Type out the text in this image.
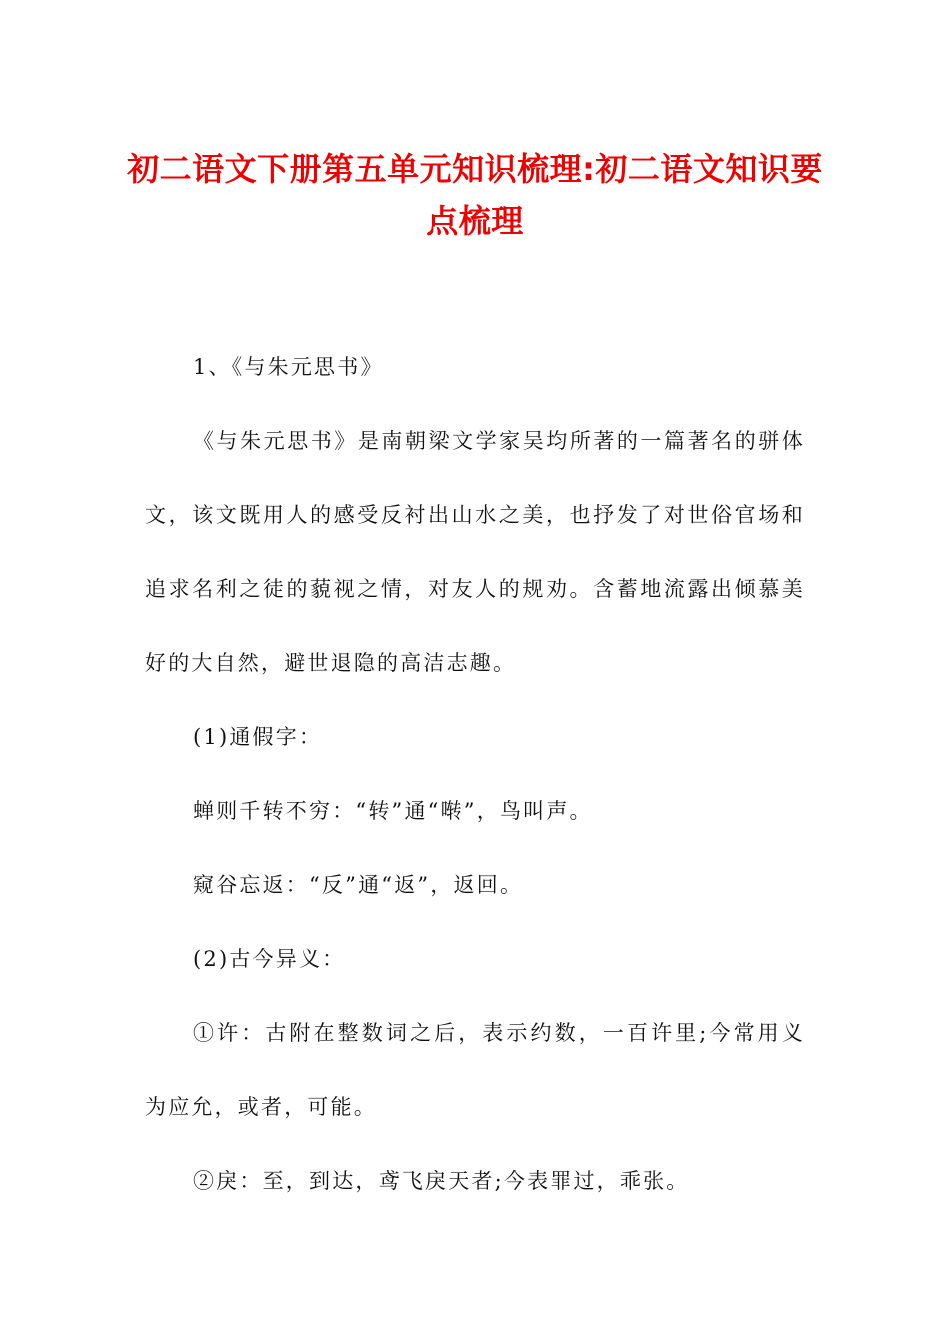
初二语文下册第五单元知识梳理:初二语文知识要点梳理

1、《与朱元思书》

《与朱元思书》是南朝梁文学家吴均所著的一篇著名的骈体文，该文既用人的感受反衬出山水之美，也抒发了对世俗官场和追求名利之徒的藐视之情，对友人的规劝。含蓄地流露出倾慕美好的大自然，避世退隐的高洁志趣。

(1)通假字：

蝉则千转不穷：“转”通“啭”，鸟叫声。

窥谷忘返：“反”通“返”，返回。

(2)古今异义：

①许：古附在整数词之后，表示约数，一百许里;今常用义为应允，或者，可能。

②戾：至，到达，鸢飞戾天者;今表罪过，乖张。
